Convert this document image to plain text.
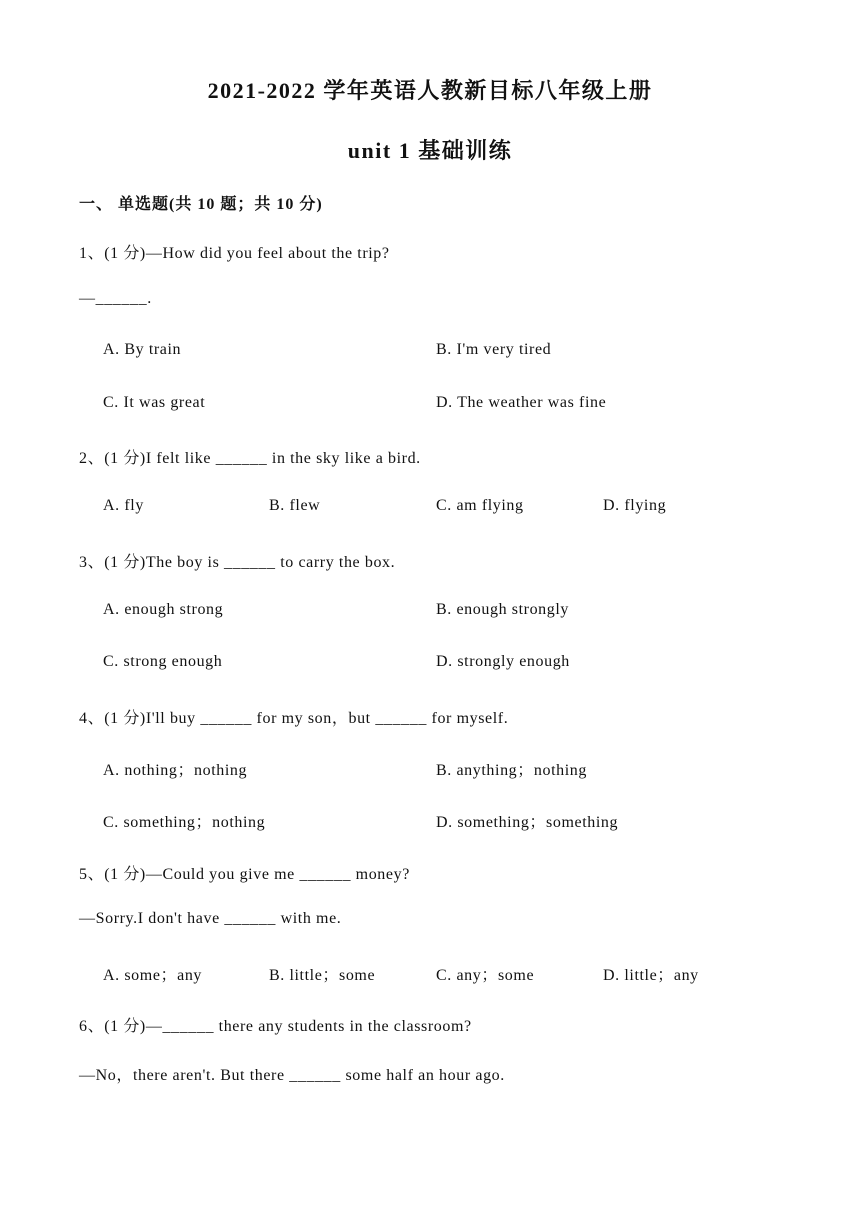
2021-2022 学年英语人教新目标八年级上册
unit 1 基础训练
一、 单选题(共 10 题；共 10 分)
1、(1 分)—How did you feel about the trip?
—______.
A. By train	B. I'm very tired
C. It was great	D. The weather was fine
2、(1 分)I felt like ______ in the sky like a bird.
A. fly	B. flew	C. am flying	D. flying
3、(1 分)The boy is ______ to carry the box.
A. enough strong	B. enough strongly
C. strong enough	D. strongly enough
4、(1 分)I'll buy ______ for my son，but ______ for myself.
A. nothing；nothing	B. anything；nothing
C. something；nothing	D. something；something
5、(1 分)—Could you give me ______ money?
—Sorry.I don't have ______ with me.
A. some；any	B. little；some	C. any；some	D. little；any
6、(1 分)—______ there any students in the classroom?
—No，there aren't. But there ______ some half an hour ago.
